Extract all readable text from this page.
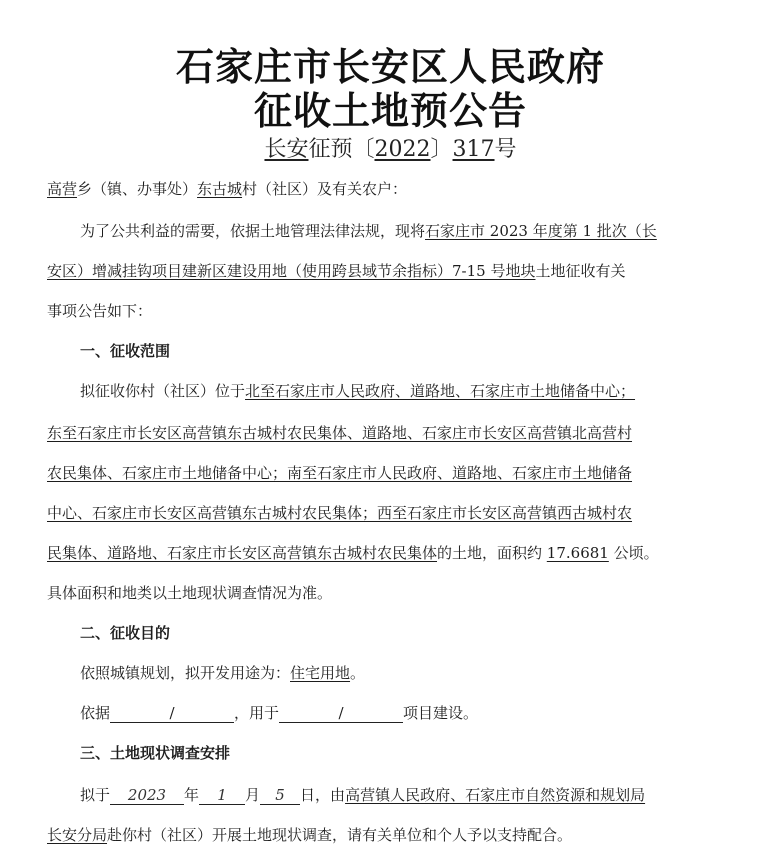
石家庄市长安区人民政府
征收土地预公告
长安征预〔2022〕317号
高营乡（镇、办事处）东古城村（社区）及有关农户：
为了公共利益的需要，依据土地管理法律法规，现将石家庄市 2023 年度第 1 批次（长
安区）增减挂钩项目建新区建设用地（使用跨县域节余指标）7-15 号地块土地征收有关
事项公告如下：
一、征收范围
拟征收你村（社区）位于北至石家庄市人民政府、道路地、石家庄市土地储备中心；
东至石家庄市长安区高营镇东古城村农民集体、道路地、石家庄市长安区高营镇北高营村
农民集体、石家庄市土地储备中心；南至石家庄市人民政府、道路地、石家庄市土地储备
中心、石家庄市长安区高营镇东古城村农民集体；西至石家庄市长安区高营镇西古城村农
民集体、道路地、石家庄市长安区高营镇东古城村农民集体的土地，面积约 17.6681 公顷。
具体面积和地类以土地现状调查情况为准。
二、征收目的
依照城镇规划，拟开发用途为：住宅用地。
依据	/	，用于	/	项目建设。
三、土地现状调查安排
拟于 2023 年 1 月 5 日，由高营镇人民政府、石家庄市自然资源和规划局
长安分局赴你村（社区）开展土地现状调查，请有关单位和个人予以支持配合。
